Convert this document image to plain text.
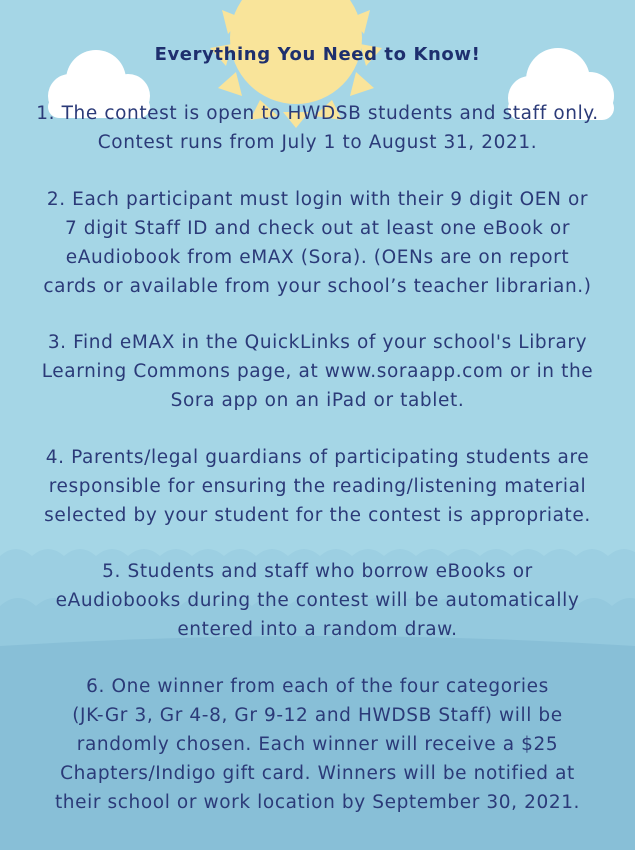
Everything You Need to Know!

1. The contest is open to HWDSB students and staff only.

Contest runs from July 1 to August 31, 2021.

2. Each participant must login with their 9 digit OEN or

7 digit Staff ID and check out at least one eBook or

eAudiobook from eMAX (Sora). (OENs are on report

cards or available from your school’s teacher librarian.)

3. Find eMAX in the QuickLinks of your school's Library

Learning Commons page, at www.soraapp.com or in the

Sora app on an iPad or tablet.

4. Parents/legal guardians of participating students are

responsible for ensuring the reading/listening material

selected by your student for the contest is appropriate.

5. Students and staff who borrow eBooks or

eAudiobooks during the contest will be automatically

entered into a random draw.

6. One winner from each of the four categories

(JK-Gr 3, Gr 4-8, Gr 9-12 and HWDSB Staff) will be

randomly chosen. Each winner will receive a $25

Chapters/Indigo gift card. Winners will be notified at

their school or work location by September 30, 2021.
